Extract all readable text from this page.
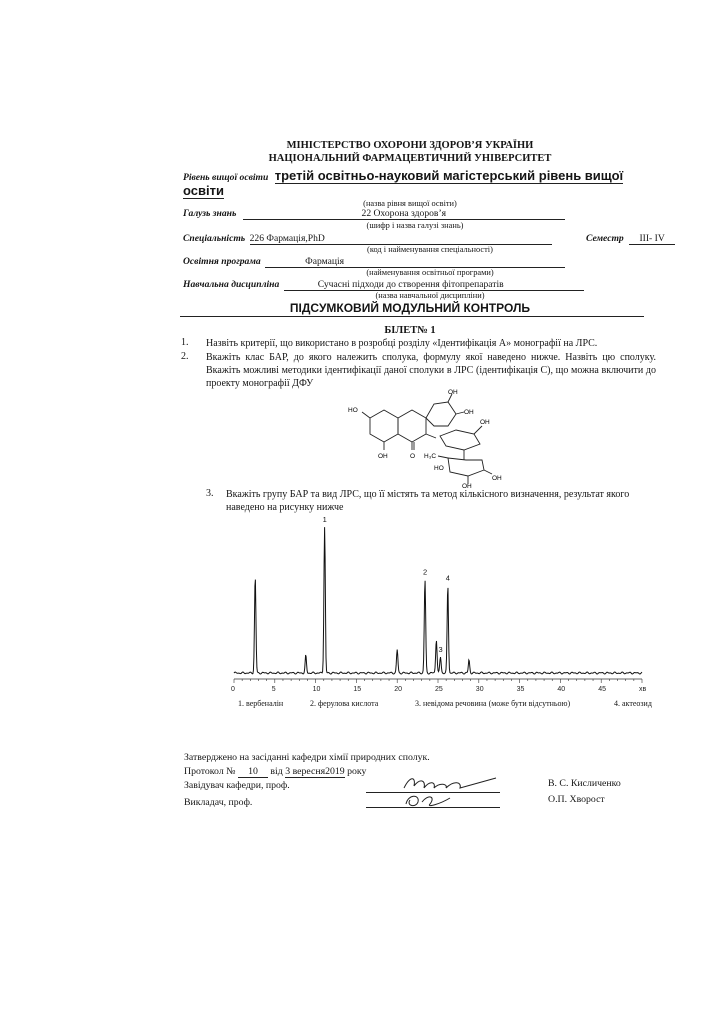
МІНІСТЕРСТВО ОХОРОНИ ЗДОРОВ’Я УКРАЇНИ
НАЦІОНАЛЬНИЙ ФАРМАЦЕВТИЧНИЙ УНІВЕРСИТЕТ
Рівень вищої освіти третій освітньо-науковий магістерський рівень вищої
освіти
(назва рівня вищої освіти)
Галузь знань	22 Охорона здоров’я
(шифр і назва галузі знань)
Спеціальність 226 Фармація,PhD	Семестр ІІІ- ІV
(код і найменування спеціальності)
Освітня програма	Фармація
(найменування освітньої програми)
Навчальна дисципліна	Сучасні підходи до створення фітопрепаратів
(назва навчальної дисципліни)
ПІДСУМКОВИЙ МОДУЛЬНИЙ КОНТРОЛЬ
БІЛЕТ№ 1
1. Назвіть критерії, що використано в розробці розділу «Ідентифікація А» монографії на ЛРС.
2. Вкажіть клас БАР, до якого належить сполука, формулу якої наведено нижче. Назвіть цю сполуку. Вкажіть можливі методики ідентифікації даної сполуки в ЛРС (ідентифікація С), що можна включити до проекту монографії ДФУ
HO
OH	O
OH
OH
OH
H₃C
HO
OH
OH
3. Вкажіть групу БАР та вид ЛРС, що її містять та метод кількісного визначення, результат якого наведено на рисунку нижче
1
2
3
4
0	5	10	15	20	25	30	35	40	45	хв
1. вербеналін	2. ферулова кислота	3. невідома речовина (може бути відсутньою)	4. актеозид
Затверджено на засіданні кафедри хімії природних сполук.
Протокол № 10 від 3 вересня2019 року
Завідувач кафедри, проф.	В. С. Кисличенко
Викладач, проф.	О.П. Хворост
